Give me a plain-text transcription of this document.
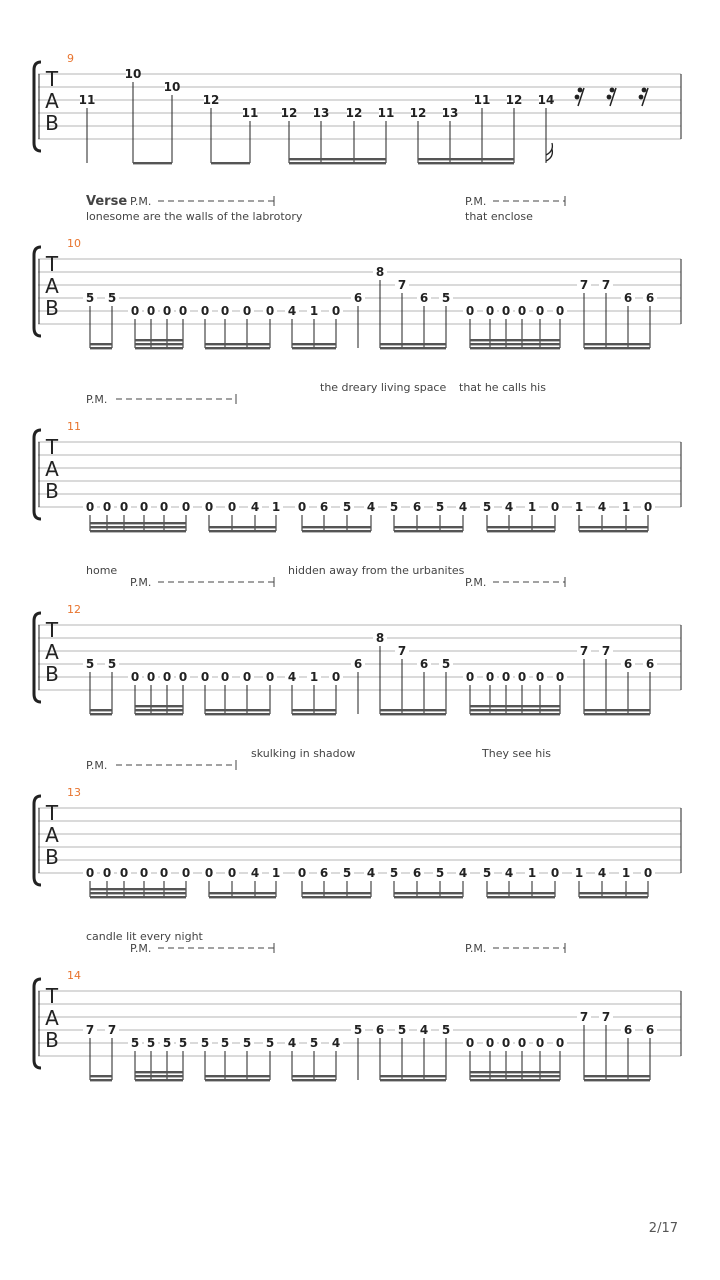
T
A
B
9
11
10
10
12
11 12 13 12 11 12 13
11 12 14
T
A
B
10
Verse P.M.
lonesome are the walls of the labrotory
P.M.
that enclose
5 5
0 0 0 0 0 0 0 0 4 1 0
6
8
7
6 5
0 0 0 0 0 0
7 7
6 6
T
A
B
11
the dreary living space that he calls his
P.M.
0 0 0 0 0 0 0 0 4 1 0 6 5 4 5 6 5 4 5 4 1 0 1 4 1 0
T
A
B
12
home	hidden away from the urbanites
P.M.	P.M.
5 5
0 0 0 0 0 0 0 0 4 1 0
6
8
7
6 5
0 0 0 0 0 0
7 7
6 6
T
A
B
13
skulking in shadow	They see his
P.M.
0 0 0 0 0 0 0 0 4 1 0 6 5 4 5 6 5 4 5 4 1 0 1 4 1 0
T
A
B
14
candle lit every night
P.M.	P.M.
7 7
5 5 5 5 5 5 5 5 4 5 4
5 6 5 4 5
0 0 0 0 0 0
7 7
6 6
2/17
